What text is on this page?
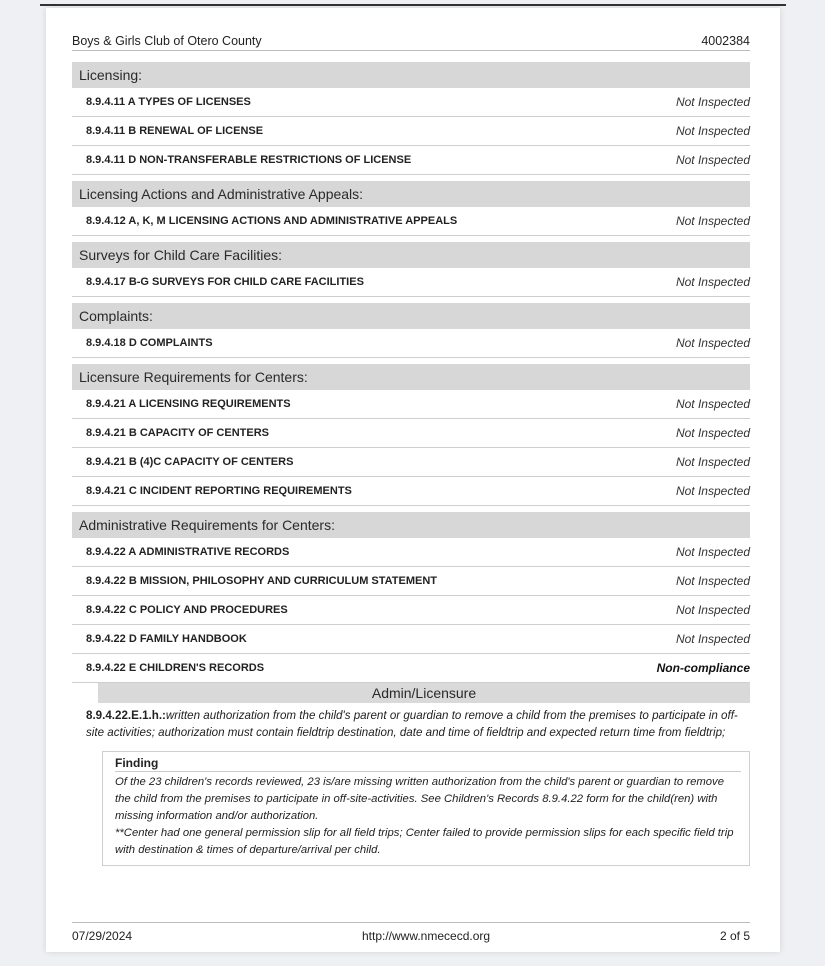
Boys & Girls Club of Otero County	4002384
Licensing:
8.9.4.11 A TYPES OF LICENSES	Not Inspected
8.9.4.11 B RENEWAL OF LICENSE	Not Inspected
8.9.4.11 D NON-TRANSFERABLE RESTRICTIONS OF LICENSE	Not Inspected
Licensing Actions and Administrative Appeals:
8.9.4.12 A, K, M LICENSING ACTIONS AND ADMINISTRATIVE APPEALS	Not Inspected
Surveys for Child Care Facilities:
8.9.4.17 B-G SURVEYS FOR CHILD CARE FACILITIES	Not Inspected
Complaints:
8.9.4.18 D COMPLAINTS	Not Inspected
Licensure Requirements for Centers:
8.9.4.21 A LICENSING REQUIREMENTS	Not Inspected
8.9.4.21 B CAPACITY OF CENTERS	Not Inspected
8.9.4.21 B (4)C CAPACITY OF CENTERS	Not Inspected
8.9.4.21 C INCIDENT REPORTING REQUIREMENTS	Not Inspected
Administrative Requirements for Centers:
8.9.4.22 A ADMINISTRATIVE RECORDS	Not Inspected
8.9.4.22 B MISSION, PHILOSOPHY AND CURRICULUM STATEMENT	Not Inspected
8.9.4.22 C POLICY AND PROCEDURES	Not Inspected
8.9.4.22 D FAMILY HANDBOOK	Not Inspected
8.9.4.22 E CHILDREN'S RECORDS	Non-compliance
Admin/Licensure
8.9.4.22.E.1.h.:written authorization from the child's parent or guardian to remove a child from the premises to participate in off-site activities; authorization must contain fieldtrip destination, date and time of fieldtrip and expected return time from fieldtrip;
Finding
Of the 23 children's records reviewed, 23 is/are missing written authorization from the child's parent or guardian to remove the child from the premises to participate in off-site-activities. See Children's Records 8.9.4.22 form for the child(ren) with missing information and/or authorization.
**Center had one general permission slip for all field trips; Center failed to provide permission slips for each specific field trip with destination & times of departure/arrival per child.
07/29/2024	http://www.nmececd.org	2 of 5
